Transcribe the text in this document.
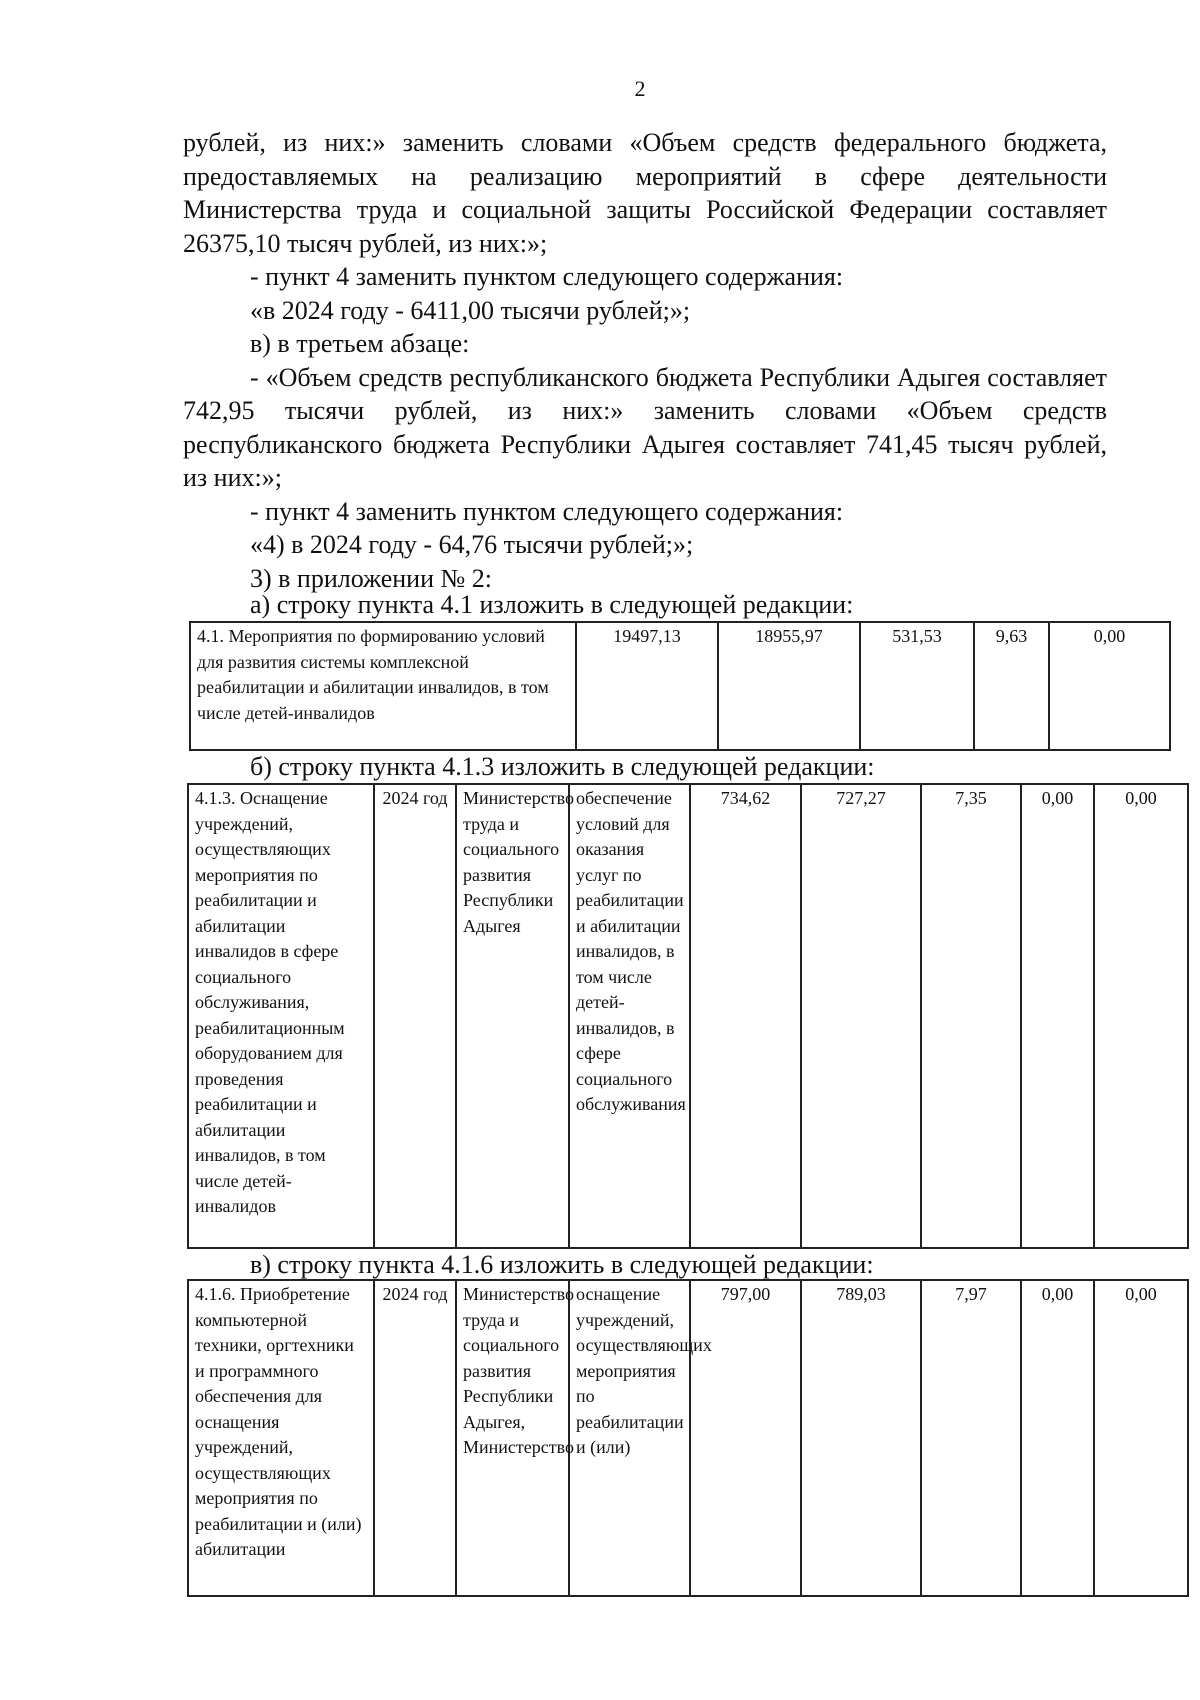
2

рублей, из них:» заменить словами «Объем средств федерального бюджета, предоставляемых на реализацию мероприятий в сфере деятельности Министерства труда и социальной защиты Российской Федерации составляет 26375,10 тысяч рублей, из них:»;

- пункт 4 заменить пунктом следующего содержания:

«в 2024 году - 6411,00 тысячи рублей;»;

в) в третьем абзаце:

- «Объем средств республиканского бюджета Республики Адыгея составляет 742,95 тысячи рублей, из них:» заменить словами «Объем средств республиканского бюджета Республики Адыгея составляет 741,45 тысяч рублей, из них:»;

- пункт 4 заменить пунктом следующего содержания:

«4) в 2024 году - 64,76 тысячи рублей;»;

3) в приложении № 2:

а) строку пункта 4.1 изложить в следующей редакции:
4.1. Мероприятия по формированию условий для развития системы комплексной реабилитации и абилитации инвалидов, в том числе детей-инвалидов	19497,13	18955,97	531,53	9,63	0,00
б) строку пункта 4.1.3 изложить в следующей редакции:
4.1.3. Оснащение учреждений, осуществляющих мероприятия по реабилитации и абилитации инвалидов в сфере социального обслуживания, реабилитационным оборудованием для проведения реабилитации и абилитации инвалидов, в том числе детей-инвалидов	2024 год	Министерство труда и социального развития Республики Адыгея	обеспечение условий для оказания услуг по реабилитации и абилитации инвалидов, в том числе детей-инвалидов, в сфере социального обслуживания	734,62	727,27	7,35	0,00	0,00
в) строку пункта 4.1.6 изложить в следующей редакции:
4.1.6. Приобретение компьютерной техники, оргтехники и программного обеспечения для оснащения учреждений, осуществляющих мероприятия по реабилитации и (или) абилитации	2024 год	Министерство труда и социального развития Республики Адыгея, Министерство	оснащение учреждений, осуществляющих мероприятия по реабилитации и (или)	797,00	789,03	7,97	0,00	0,00
